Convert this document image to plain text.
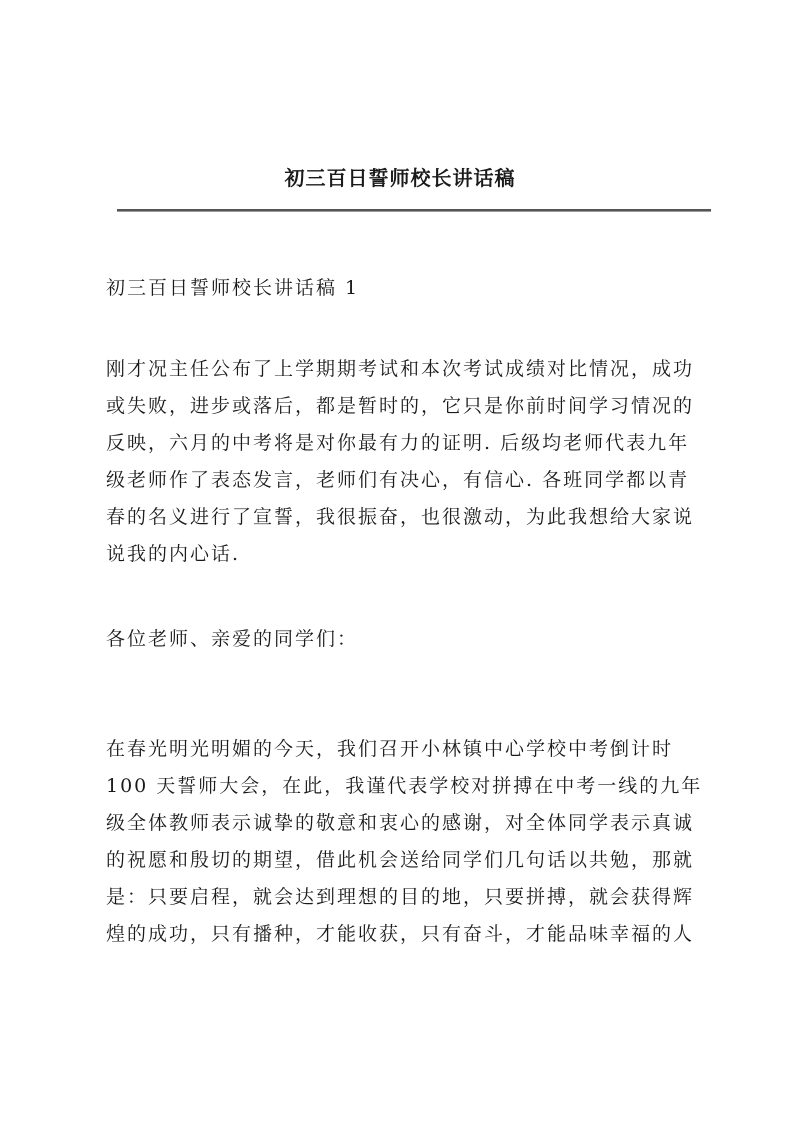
初三百日誓师校长讲话稿
初三百日誓师校长讲话稿 1
刚才况主任公布了上学期期考试和本次考试成绩对比情况，成功
或失败，进步或落后，都是暂时的，它只是你前时间学习情况的
反映，六月的中考将是对你最有力的证明. 后级均老师代表九年
级老师作了表态发言，老师们有决心，有信心. 各班同学都以青
春的名义进行了宣誓，我很振奋，也很激动，为此我想给大家说
说我的内心话.
各位老师、亲爱的同学们：
在春光明光明媚的今天，我们召开小林镇中心学校中考倒计时
100 天誓师大会，在此，我谨代表学校对拼搏在中考一线的九年
级全体教师表示诚挚的敬意和衷心的感谢，对全体同学表示真诚
的祝愿和殷切的期望，借此机会送给同学们几句话以共勉，那就
是：只要启程，就会达到理想的目的地，只要拼搏，就会获得辉
煌的成功，只有播种，才能收获，只有奋斗，才能品味幸福的人
